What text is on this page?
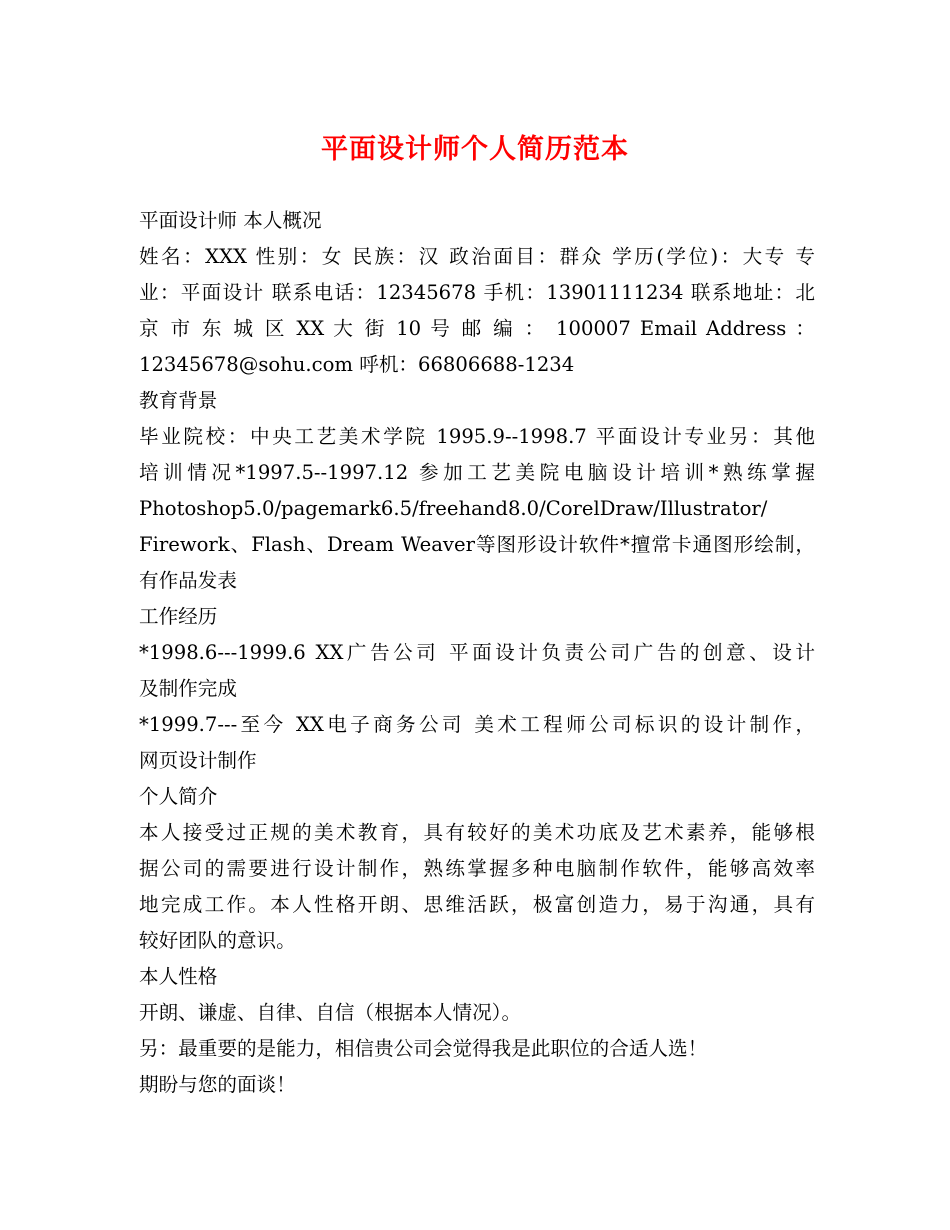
平面设计师个人简历范本
平面设计师 本人概况
姓名：XXX 性别：女 民族：汉 政治面目：群众 学历(学位)：大专 专
业：平面设计 联系电话：12345678 手机：13901111234 联系地址：北
京 市 东 城 区 XX 大 街 10 号 邮 编 ： 100007 Email Address ：
12345678@sohu.com 呼机：66806688-1234
教育背景
毕业院校：中央工艺美术学院 1995.9--1998.7 平面设计专业另：其他
培训情况*1997.5--1997.12 参加工艺美院电脑设计培训*熟练掌握
Photoshop5.0/pagemark6.5/freehand8.0/CorelDraw/Illustrator/
Firework、Flash、Dream Weaver等图形设计软件*擅常卡通图形绘制，
有作品发表
工作经历
*1998.6---1999.6 XX广告公司 平面设计负责公司广告的创意、设计
及制作完成
*1999.7---至今 XX电子商务公司 美术工程师公司标识的设计制作，
网页设计制作
个人简介
本人接受过正规的美术教育，具有较好的美术功底及艺术素养，能够根
据公司的需要进行设计制作，熟练掌握多种电脑制作软件，能够高效率
地完成工作。本人性格开朗、思维活跃，极富创造力，易于沟通，具有
较好团队的意识。
本人性格
开朗、谦虚、自律、自信（根据本人情况）。
另：最重要的是能力，相信贵公司会觉得我是此职位的合适人选！
期盼与您的面谈！
